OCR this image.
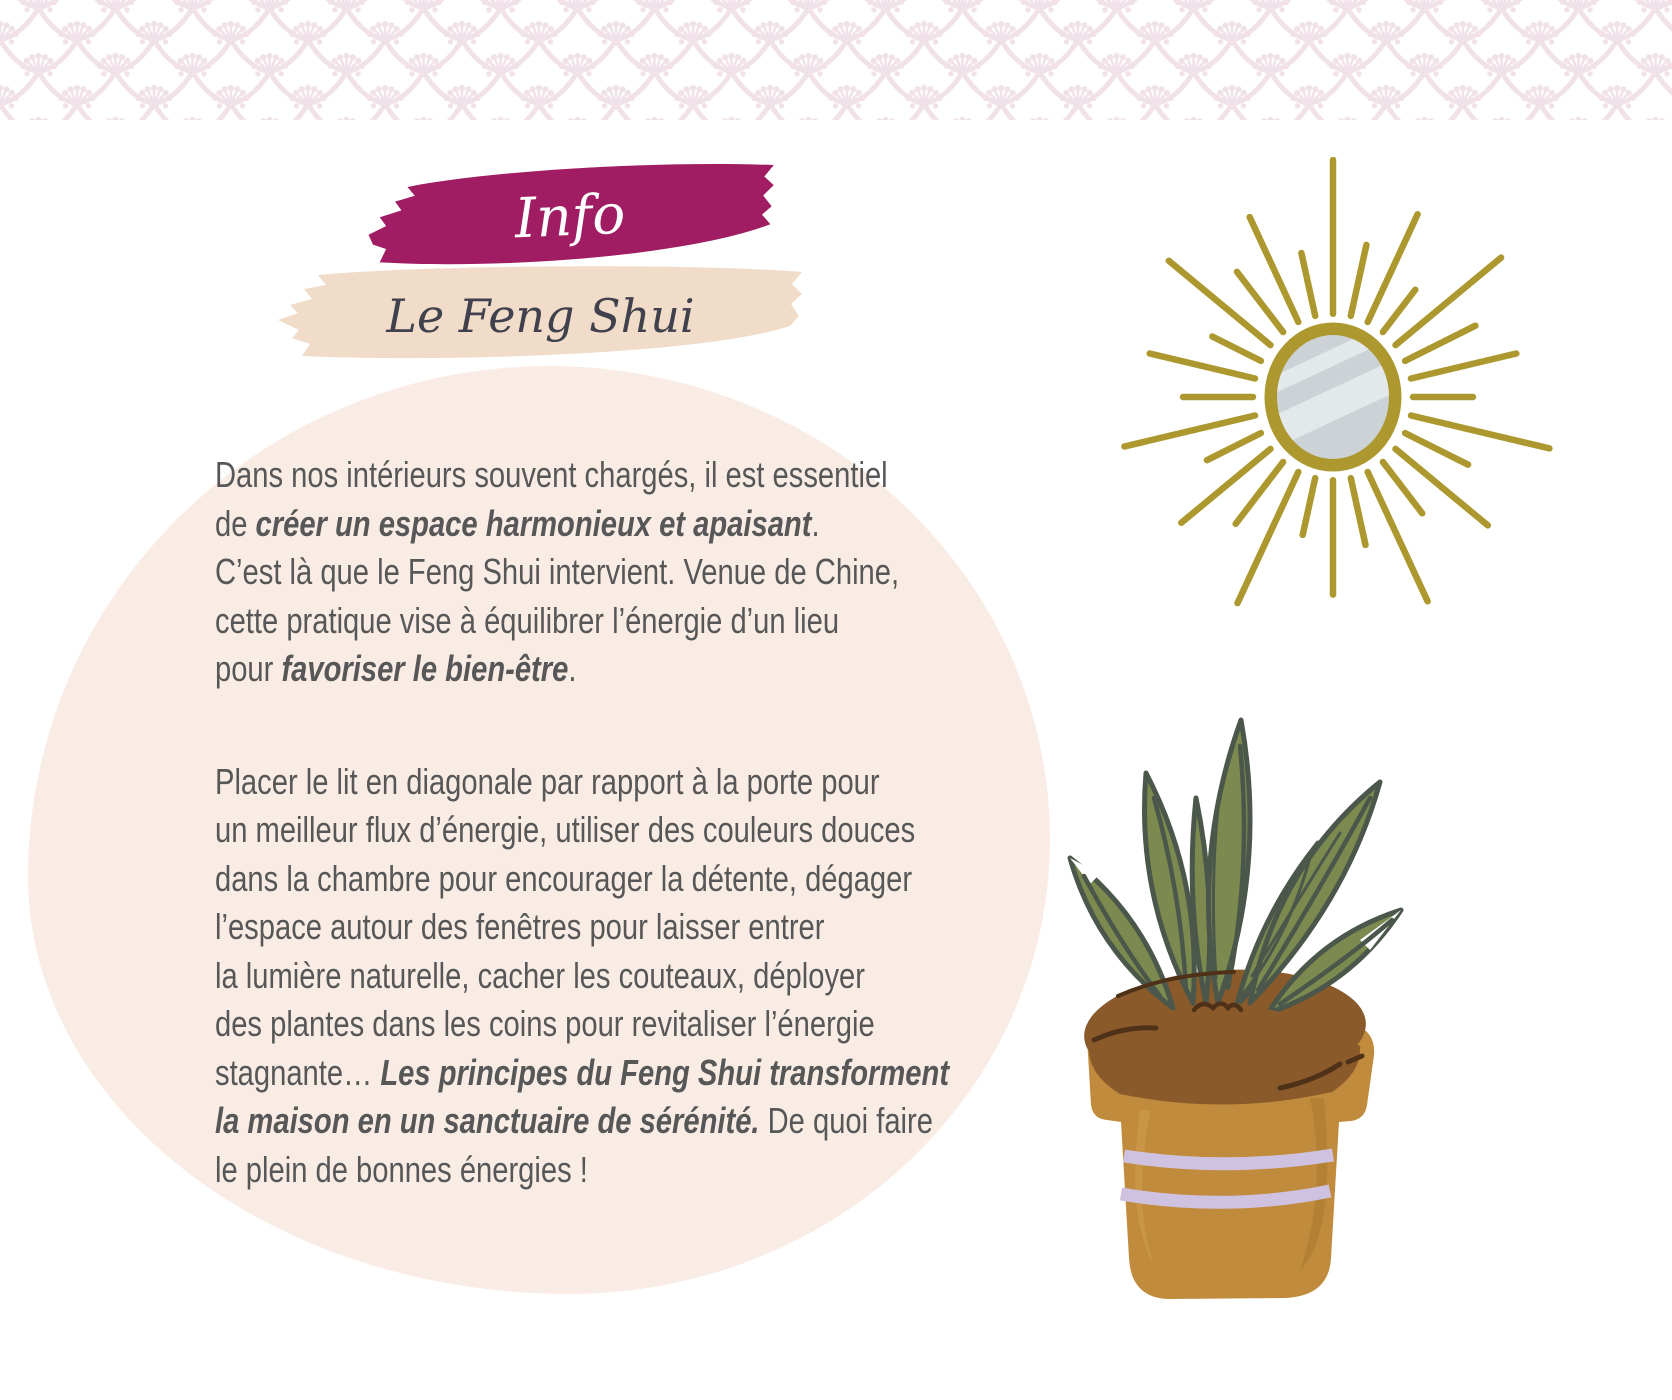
Info
Le Feng Shui

Dans nos intérieurs souvent chargés, il est essentiel
de créer un espace harmonieux et apaisant.
C’est là que le Feng Shui intervient. Venue de Chine,
cette pratique vise à équilibrer l’énergie d’un lieu
pour favoriser le bien-être.

Placer le lit en diagonale par rapport à la porte pour
un meilleur flux d’énergie, utiliser des couleurs douces
dans la chambre pour encourager la détente, dégager
l’espace autour des fenêtres pour laisser entrer
la lumière naturelle, cacher les couteaux, déployer
des plantes dans les coins pour revitaliser l’énergie
stagnante… Les principes du Feng Shui transforment
la maison en un sanctuaire de sérénité. De quoi faire
le plein de bonnes énergies !
